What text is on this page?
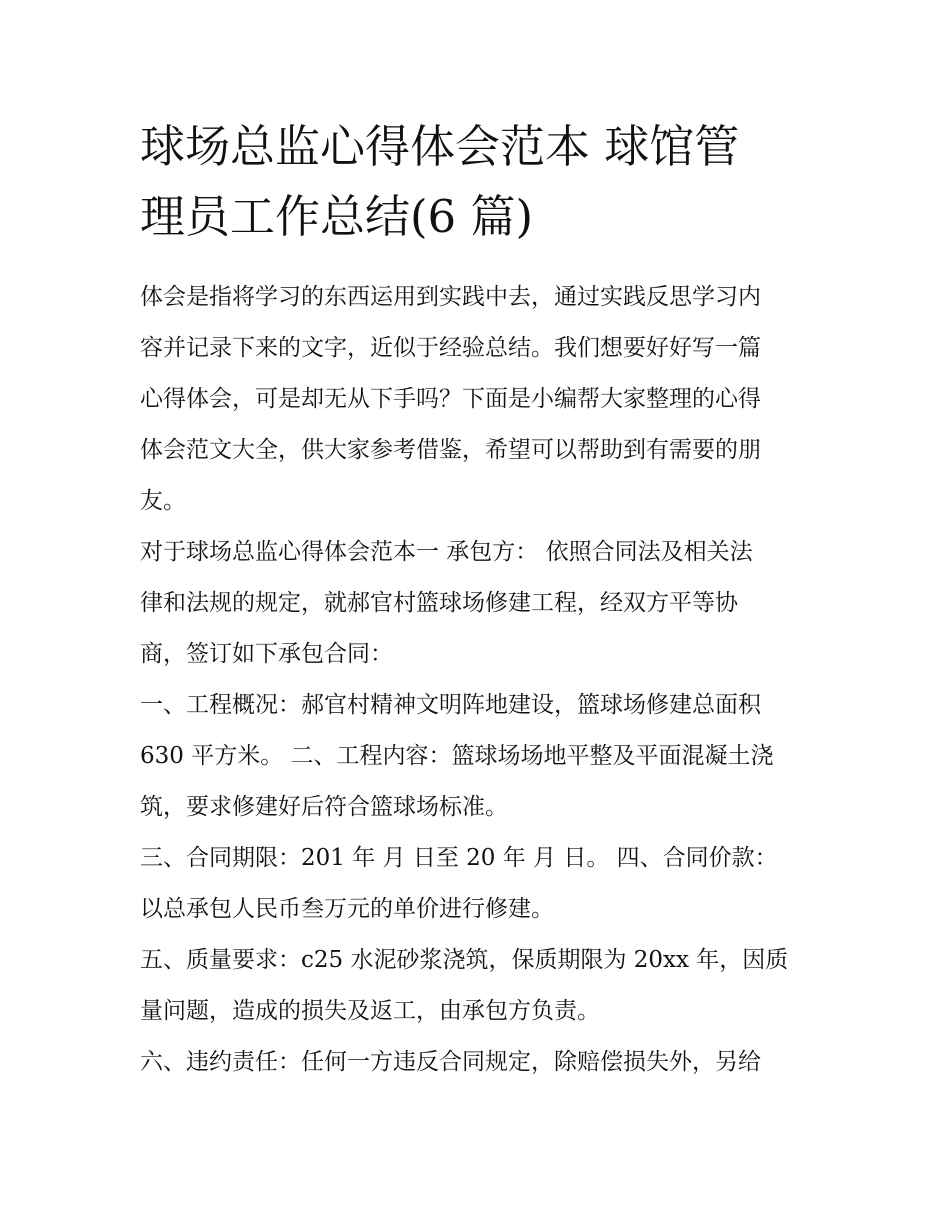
球场总监心得体会范本 球馆管
理员工作总结(6 篇)

体会是指将学习的东西运用到实践中去，通过实践反思学习内
容并记录下来的文字，近似于经验总结。我们想要好好写一篇
心得体会，可是却无从下手吗？下面是小编帮大家整理的心得
体会范文大全，供大家参考借鉴，希望可以帮助到有需要的朋
友。

对于球场总监心得体会范本一 承包方： 依照合同法及相关法
律和法规的规定，就郝官村篮球场修建工程，经双方平等协
商，签订如下承包合同：

一、工程概况：郝官村精神文明阵地建设，篮球场修建总面积
630 平方米。 二、工程内容：篮球场场地平整及平面混凝土浇
筑，要求修建好后符合篮球场标准。

三、合同期限：201 年 月 日至 20 年 月 日。 四、合同价款：
以总承包人民币叁万元的单价进行修建。

五、质量要求：c25 水泥砂浆浇筑，保质期限为 20xx 年，因质
量问题，造成的损失及返工，由承包方负责。

六、违约责任：任何一方违反合同规定，除赔偿损失外，另给
